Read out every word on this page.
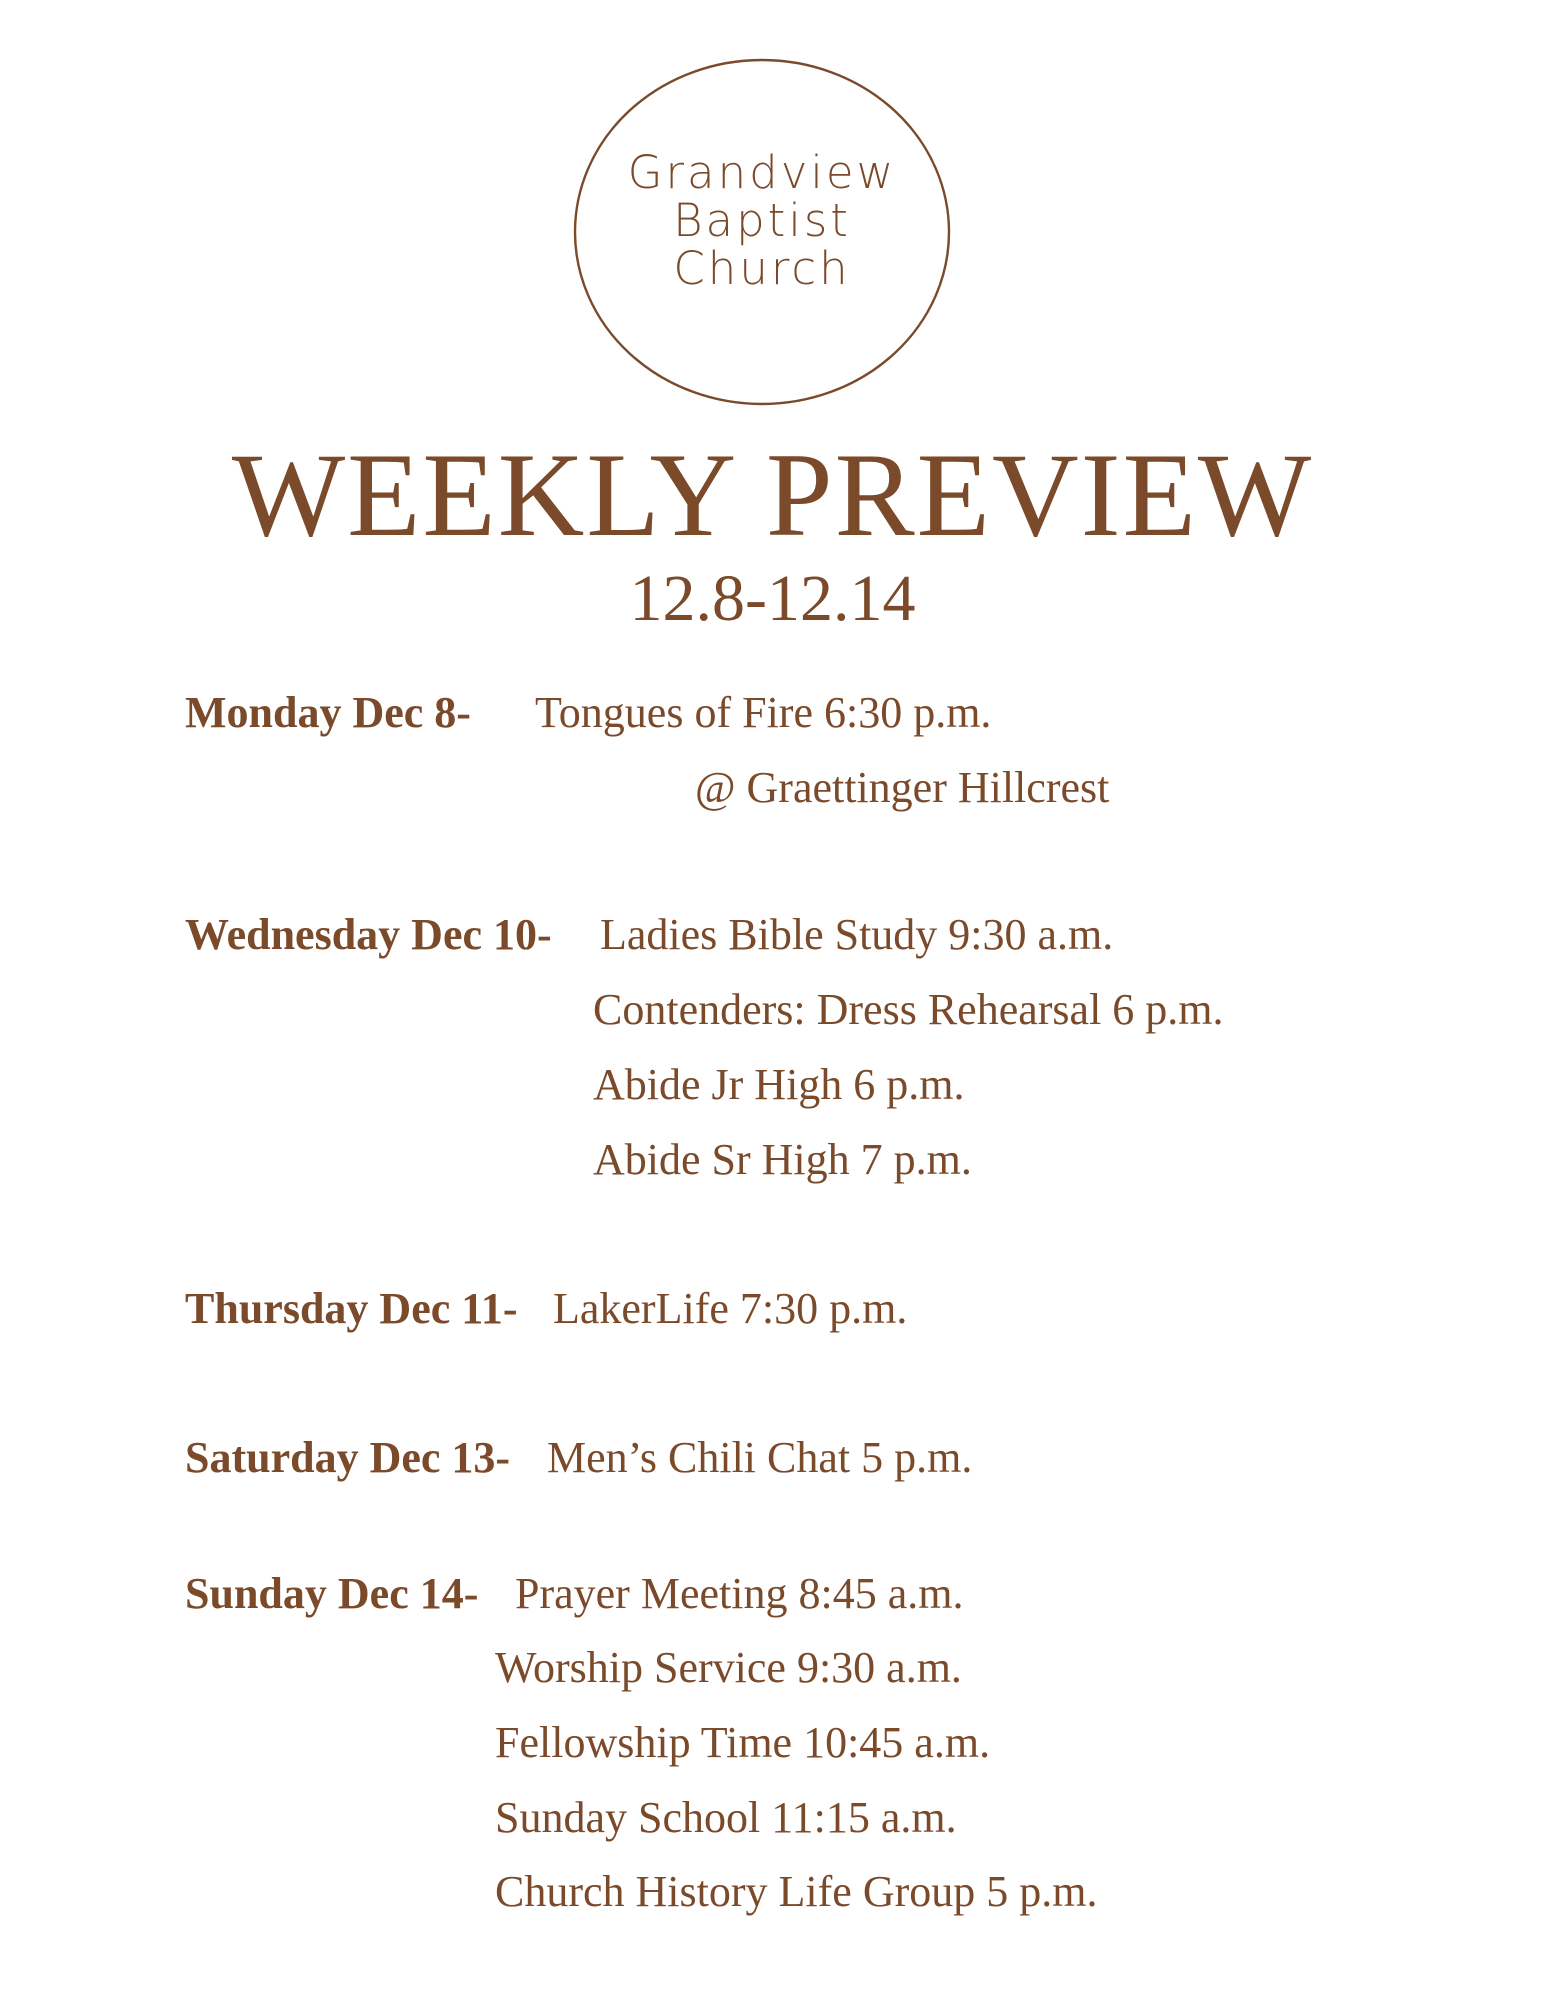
Grandview
Baptist
Church
WEEKLY PREVIEW
12.8-12.14
Monday Dec 8- Tongues of Fire 6:30 p.m.
@ Graettinger Hillcrest
Wednesday Dec 10- Ladies Bible Study 9:30 a.m.
Contenders: Dress Rehearsal 6 p.m.
Abide Jr High 6 p.m.
Abide Sr High 7 p.m.
Thursday Dec 11- LakerLife 7:30 p.m.
Saturday Dec 13- Men’s Chili Chat 5 p.m.
Sunday Dec 14- Prayer Meeting 8:45 a.m.
Worship Service 9:30 a.m.
Fellowship Time 10:45 a.m.
Sunday School 11:15 a.m.
Church History Life Group 5 p.m.
